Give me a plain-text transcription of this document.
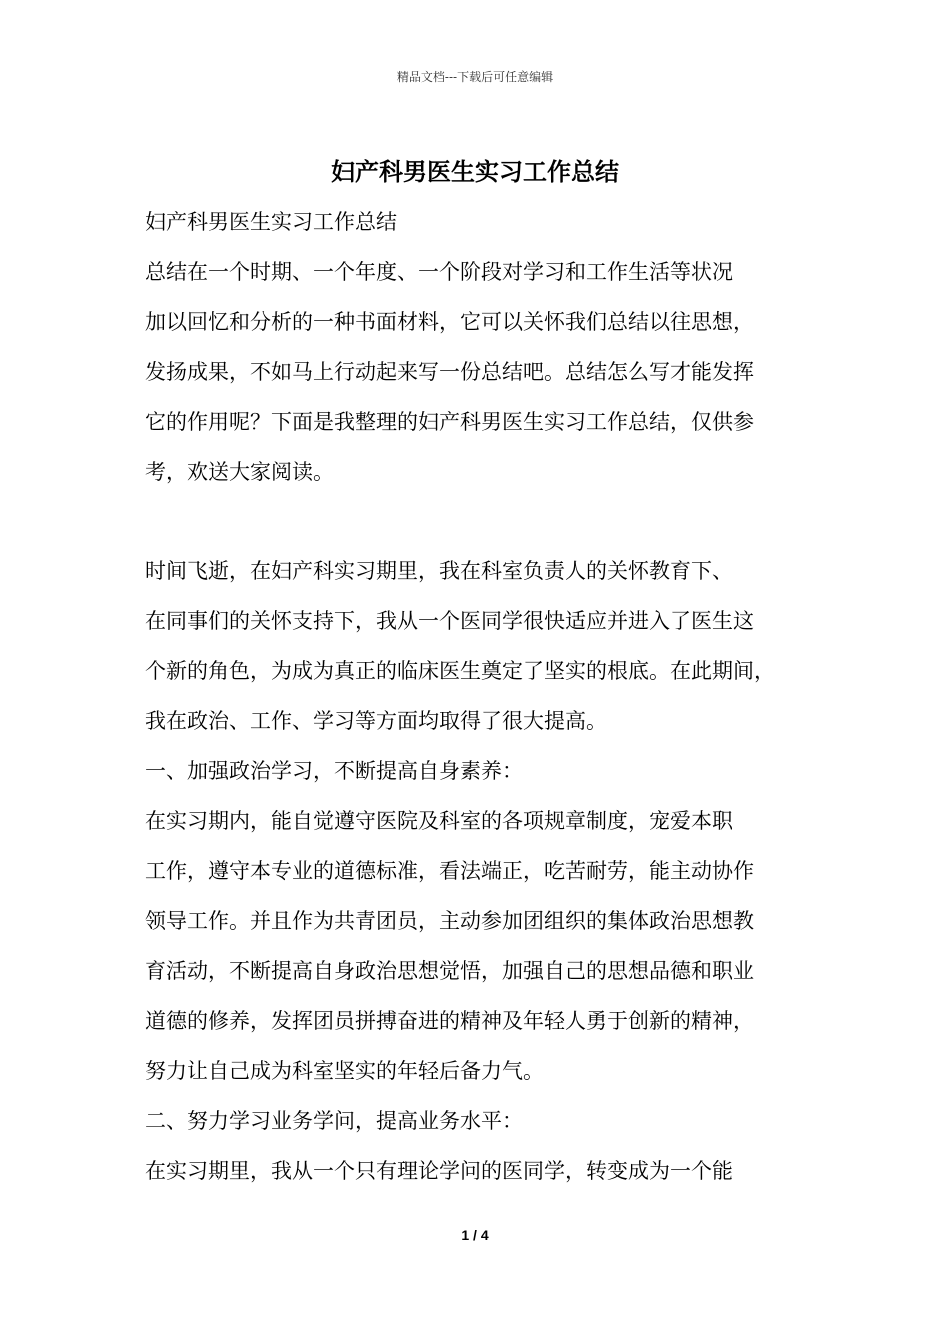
精品文档---下载后可任意编辑
妇产科男医生实习工作总结
妇产科男医生实习工作总结
总结在一个时期、一个年度、一个阶段对学习和工作生活等状况
加以回忆和分析的一种书面材料，它可以关怀我们总结以往思想，
发扬成果，不如马上行动起来写一份总结吧。总结怎么写才能发挥
它的作用呢？下面是我整理的妇产科男医生实习工作总结，仅供参
考，欢送大家阅读。
时间飞逝，在妇产科实习期里，我在科室负责人的关怀教育下、
在同事们的关怀支持下，我从一个医同学很快适应并进入了医生这
个新的角色，为成为真正的临床医生奠定了坚实的根底。在此期间，
我在政治、工作、学习等方面均取得了很大提高。
一、加强政治学习，不断提高自身素养：
在实习期内，能自觉遵守医院及科室的各项规章制度，宠爱本职
工作，遵守本专业的道德标准，看法端正，吃苦耐劳，能主动协作
领导工作。并且作为共青团员，主动参加团组织的集体政治思想教
育活动，不断提高自身政治思想觉悟，加强自己的思想品德和职业
道德的修养，发挥团员拼搏奋进的精神及年轻人勇于创新的精神，
努力让自己成为科室坚实的年轻后备力气。
二、努力学习业务学问，提高业务水平：
在实习期里，我从一个只有理论学问的医同学，转变成为一个能
1 / 4
